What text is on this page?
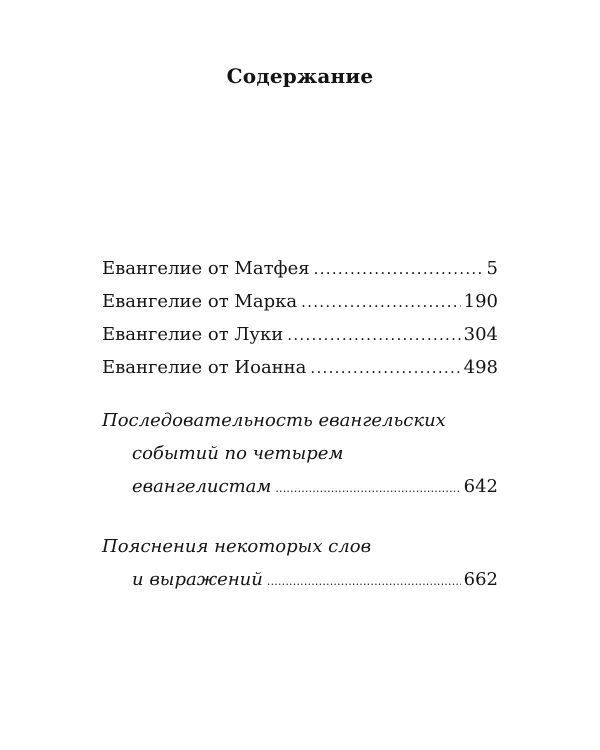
Содержание
Евангелие от Матфея .....	5
Евангелие от Марка .....	190
Евангелие от Луки .....	304
Евангелие от Иоанна .....	498
Последовательность евангельских
событий по четырем
евангелистам .....	642
Пояснения некоторых слов
и выражений .....	662
